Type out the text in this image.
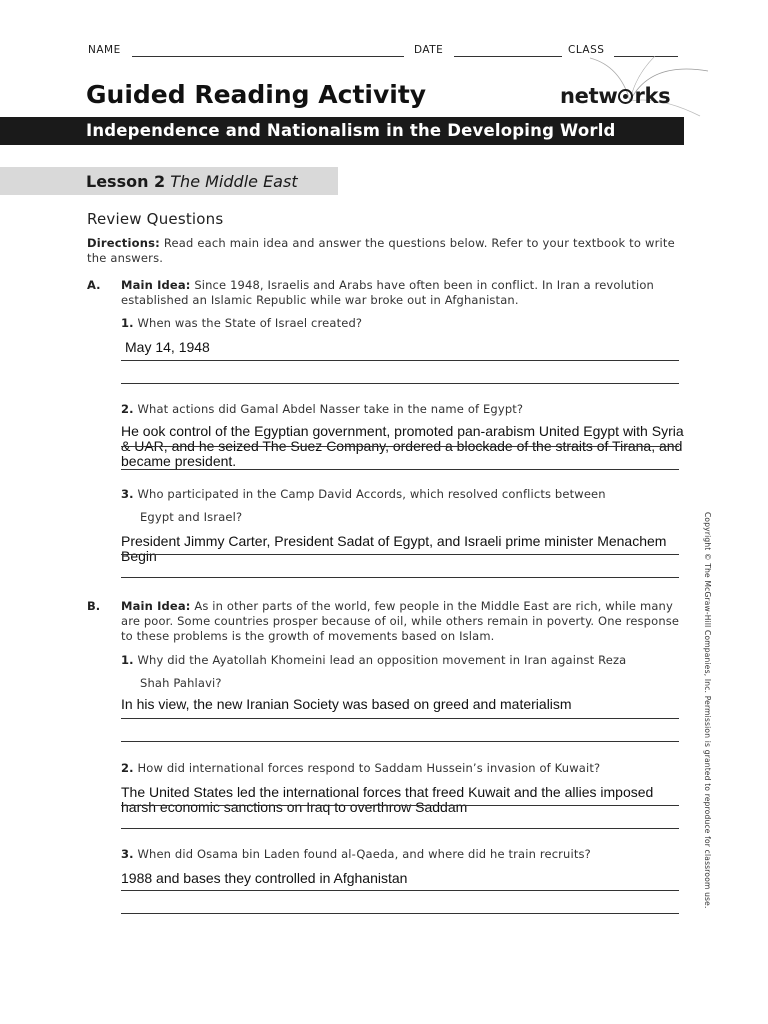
NAME	DATE	CLASS
Guided Reading Activity	netw rks
Independence and Nationalism in the Developing World
Lesson 2 The Middle East
Review Questions
Directions: Read each main idea and answer the questions below. Refer to your textbook to write the answers.
A. Main Idea: Since 1948, Israelis and Arabs have often been in conflict. In Iran a revolution established an Islamic Republic while war broke out in Afghanistan.
1. When was the State of Israel created?
May 14, 1948
2. What actions did Gamal Abdel Nasser take in the name of Egypt?
He ook control of the Egyptian government, promoted pan-arabism United Egypt with Syria & UAR, and he seized The Suez Company, ordered a blockade of the straits of Tirana, and became president.
3. Who participated in the Camp David Accords, which resolved conflicts between
Egypt and Israel?
President Jimmy Carter, President Sadat of Egypt, and Israeli prime minister Menachem Begin
B. Main Idea: As in other parts of the world, few people in the Middle East are rich, while many are poor. Some countries prosper because of oil, while others remain in poverty. One response to these problems is the growth of movements based on Islam.
1. Why did the Ayatollah Khomeini lead an opposition movement in Iran against Reza
Shah Pahlavi?
In his view, the new Iranian Society was based on greed and materialism
2. How did international forces respond to Saddam Hussein’s invasion of Kuwait?
The United States led the international forces that freed Kuwait and the allies imposed harsh economic sanctions on Iraq to overthrow Saddam
3. When did Osama bin Laden found al-Qaeda, and where did he train recruits?
1988 and bases they controlled in Afghanistan	Copyright © The McGraw-Hill Companies, Inc. Permission is granted to reproduce for classroom use.
